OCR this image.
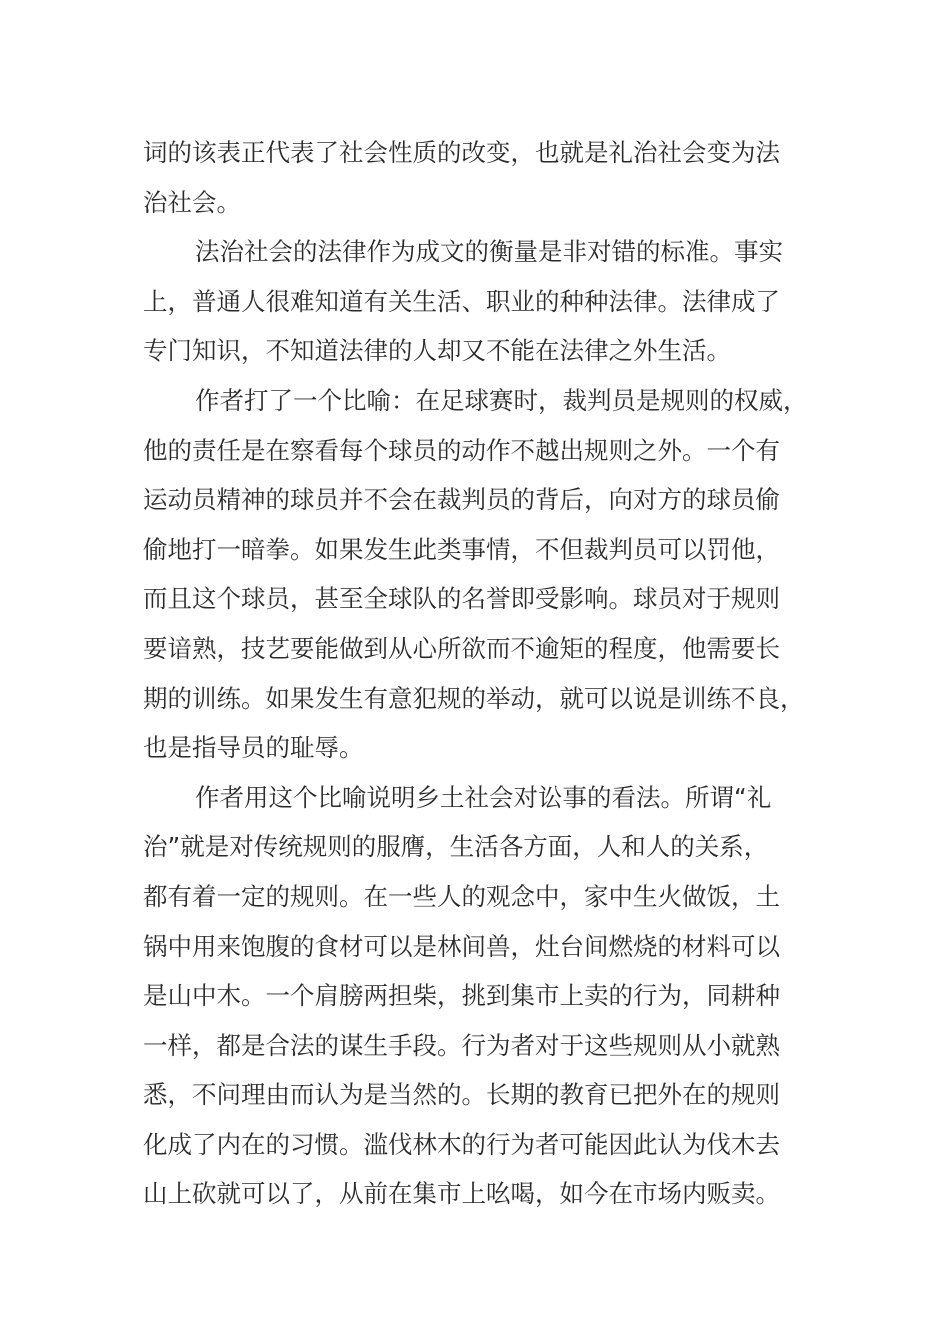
词的该表正代表了社会性质的改变，也就是礼治社会变为法
治社会。
法治社会的法律作为成文的衡量是非对错的标准。事实
上，普通人很难知道有关生活、职业的种种法律。法律成了
专门知识，不知道法律的人却又不能在法律之外生活。
作者打了一个比喻：在足球赛时，裁判员是规则的权威，
他的责任是在察看每个球员的动作不越出规则之外。一个有
运动员精神的球员并不会在裁判员的背后，向对方的球员偷
偷地打一暗拳。如果发生此类事情，不但裁判员可以罚他，
而且这个球员，甚至全球队的名誉即受影响。球员对于规则
要谙熟，技艺要能做到从心所欲而不逾矩的程度，他需要长
期的训练。如果发生有意犯规的举动，就可以说是训练不良，
也是指导员的耻辱。
作者用这个比喻说明乡土社会对讼事的看法。所谓“礼
治”就是对传统规则的服膺，生活各方面，人和人的关系，
都有着一定的规则。在一些人的观念中，家中生火做饭，土
锅中用来饱腹的食材可以是林间兽，灶台间燃烧的材料可以
是山中木。一个肩膀两担柴，挑到集市上卖的行为，同耕种
一样，都是合法的谋生手段。行为者对于这些规则从小就熟
悉，不问理由而认为是当然的。长期的教育已把外在的规则
化成了内在的习惯。滥伐林木的行为者可能因此认为伐木去
山上砍就可以了，从前在集市上吆喝，如今在市场内贩卖。
